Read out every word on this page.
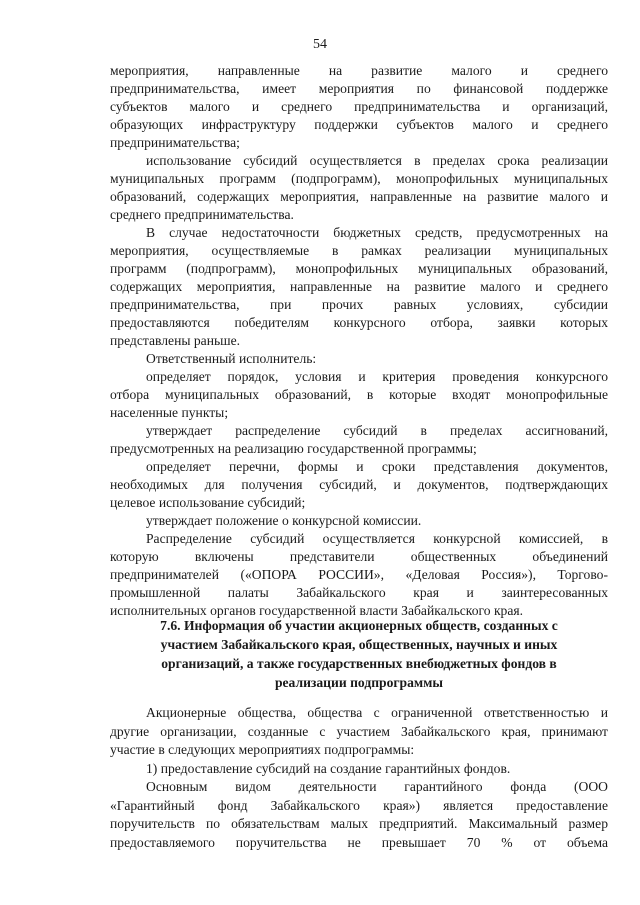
54
мероприятия, направленные на развитие малого и среднего
предпринимательства, имеет мероприятия по финансовой поддержке
субъектов малого и среднего предпринимательства и организаций,
образующих инфраструктуру поддержки субъектов малого и среднего
предпринимательства;
использование субсидий осуществляется в пределах срока реализации
муниципальных программ (подпрограмм), монопрофильных муниципальных
образований, содержащих мероприятия, направленные на развитие малого и
среднего предпринимательства.
В случае недостаточности бюджетных средств, предусмотренных на
мероприятия, осуществляемые в рамках реализации муниципальных
программ (подпрограмм), монопрофильных муниципальных образований,
содержащих мероприятия, направленные на развитие малого и среднего
предпринимательства, при прочих равных условиях, субсидии
предоставляются победителям конкурсного отбора, заявки которых
представлены раньше.
Ответственный исполнитель:
определяет порядок, условия и критерия проведения конкурсного
отбора муниципальных образований, в которые входят монопрофильные
населенные пункты;
утверждает распределение субсидий в пределах ассигнований,
предусмотренных на реализацию государственной программы;
определяет перечни, формы и сроки представления документов,
необходимых для получения субсидий, и документов, подтверждающих
целевое использование субсидий;
утверждает положение о конкурсной комиссии.
Распределение субсидий осуществляется конкурсной комиссией, в
которую включены представители общественных объединений
предпринимателей («ОПОРА РОССИИ», «Деловая Россия»), Торгово-
промышленной палаты Забайкальского края и заинтересованных
исполнительных органов государственной власти Забайкальского края.
7.6. Информация об участии акционерных обществ, созданных с
участием Забайкальского края, общественных, научных и иных
организаций, а также государственных внебюджетных фондов в
реализации подпрограммы
Акционерные общества, общества с ограниченной ответственностью и
другие организации, созданные с участием Забайкальского края, принимают
участие в следующих мероприятиях подпрограммы:
1) предоставление субсидий на создание гарантийных фондов.
Основным видом деятельности гарантийного фонда (ООО
«Гарантийный фонд Забайкальского края») является предоставление
поручительств по обязательствам малых предприятий. Максимальный размер
предоставляемого поручительства не превышает 70 % от объема
